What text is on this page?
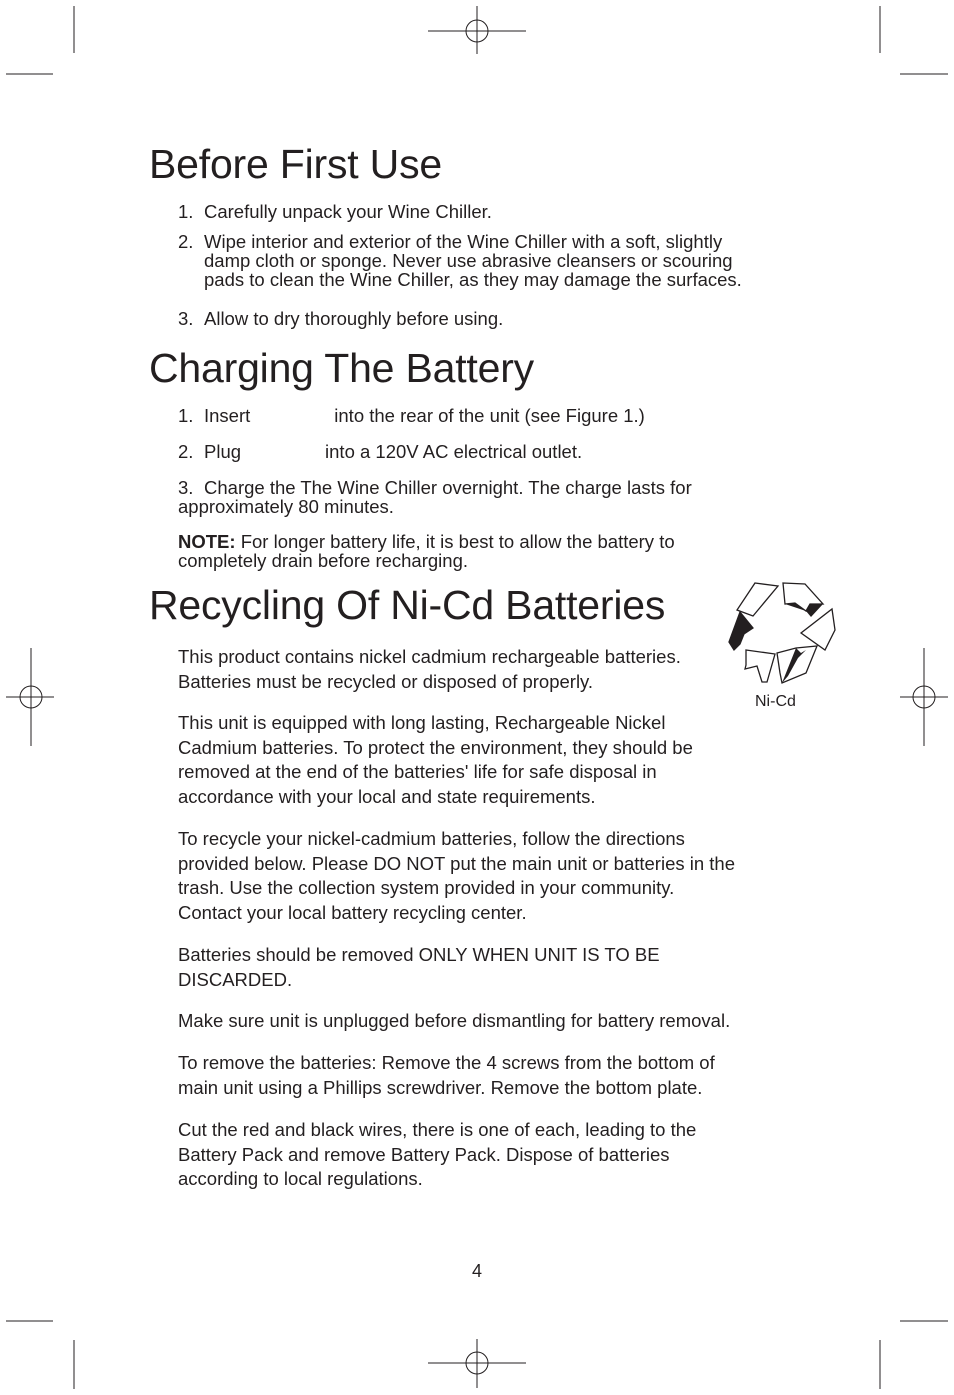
Before First Use
1. Carefully unpack your Wine Chiller.
2. Wipe interior and exterior of the Wine Chiller with a soft, slightly
damp cloth or sponge. Never use abrasive cleansers or scouring
pads to clean the Wine Chiller, as they may damage the surfaces.
3. Allow to dry thoroughly before using.
Charging The Battery
1. Insert	into the rear of the unit (see Figure 1.)
2. Plug	into a 120V AC electrical outlet.
3. Charge the The Wine Chiller overnight. The charge lasts for
approximately 80 minutes.
NOTE: For longer battery life, it is best to allow the battery to
completely drain before recharging.
Recycling Of Ni-Cd Batteries
Ni-Cd
This product contains nickel cadmium rechargeable batteries.
Batteries must be recycled or disposed of properly.
This unit is equipped with long lasting, Rechargeable Nickel
Cadmium batteries. To protect the environment, they should be
removed at the end of the batteries' life for safe disposal in
accordance with your local and state requirements.
To recycle your nickel-cadmium batteries, follow the directions
provided below. Please DO NOT put the main unit or batteries in the
trash. Use the collection system provided in your community.
Contact your local battery recycling center.
Batteries should be removed ONLY WHEN UNIT IS TO BE
DISCARDED.
Make sure unit is unplugged before dismantling for battery removal.
To remove the batteries: Remove the 4 screws from the bottom of
main unit using a Phillips screwdriver. Remove the bottom plate.
Cut the red and black wires, there is one of each, leading to the
Battery Pack and remove Battery Pack. Dispose of batteries
according to local regulations.
4
